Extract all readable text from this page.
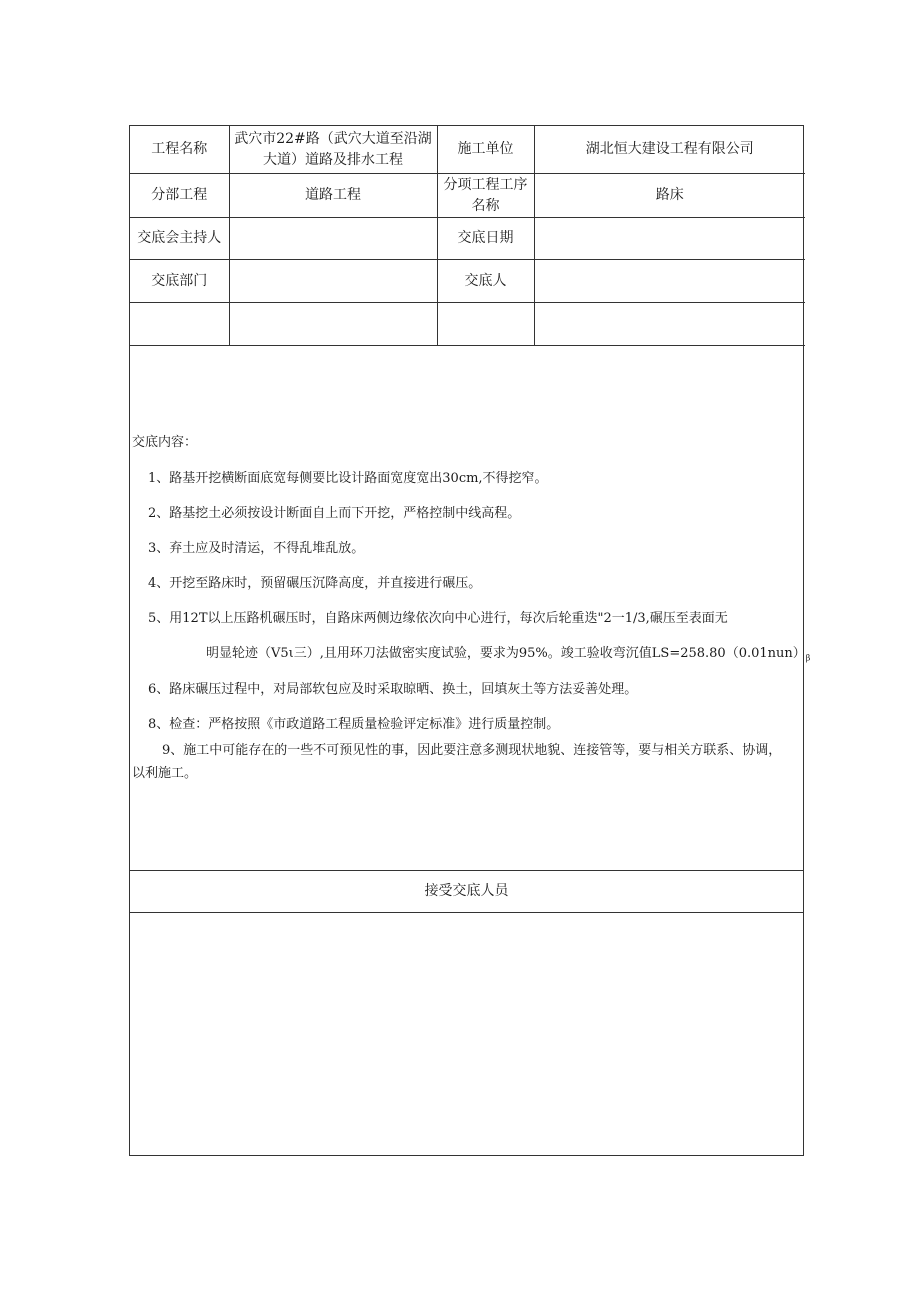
工程名称	武穴市22#路（武穴大道至沿湖大道）道路及排水工程	施工单位	湖北恒大建设工程有限公司
分部工程	道路工程	分项工程工序名称	路床
交底会主持人		交底日期	
交底部门		交底人	

交底内容：
1、路基开挖横断面底宽每侧要比设计路面宽度宽出30cm,不得挖窄。
2、路基挖土必须按设计断面自上而下开挖，严格控制中线高程。
3、弃土应及时清运，不得乱堆乱放。
4、开挖至路床时，预留碾压沉降高度，并直接进行碾压。
5、用12T以上压路机碾压时，自路床两侧边缘依次向中心进行，每次后轮重迭"2一1/3,碾压至表面无
明显轮迹（V5ι三）,且用环刀法做密实度试验，要求为95%。竣工验收弯沉值$LS=258.80(0.01nun)_\beta$
6、路床碾压过程中，对局部软包应及时采取晾晒、换土，回填灰土等方法妥善处理。
8、检查：严格按照《市政道路工程质量检验评定标准》进行质量控制。
9、施工中可能存在的一些不可预见性的事，因此要注意多测现状地貌、连接管等，要与相关方联系、协调，以利施工。
接受交底人员
